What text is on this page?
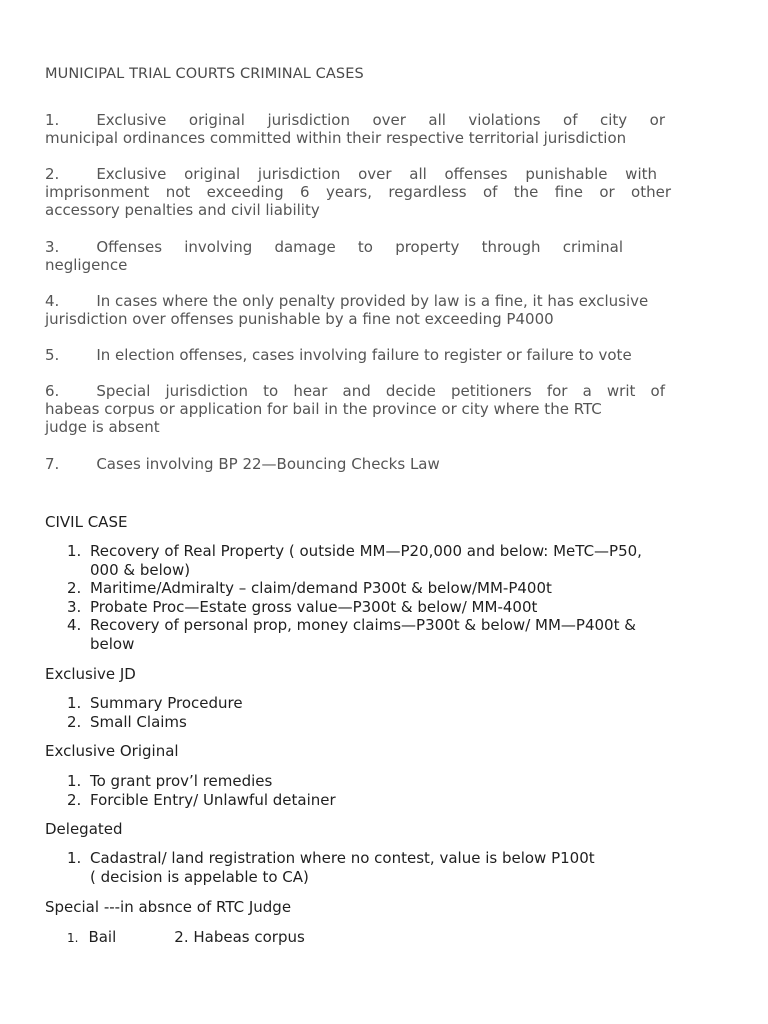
MUNICIPAL TRIAL COURTS CRIMINAL CASES

1. Exclusive original jurisdiction over all violations of city or
municipal ordinances committed within their respective territorial jurisdiction
2. Exclusive original jurisdiction over all offenses punishable with
imprisonment not exceeding 6 years, regardless of the fine or other
accessory penalties and civil liability
3. Offenses involving damage to property through criminal
negligence
4. In cases where the only penalty provided by law is a fine, it has exclusive
jurisdiction over offenses punishable by a fine not exceeding P4000
5. In election offenses, cases involving failure to register or failure to vote
6. Special jurisdiction to hear and decide petitioners for a writ of
habeas corpus or application for bail in the province or city where the RTC
judge is absent
7. Cases involving BP 22—Bouncing Checks Law

CIVIL CASE

1. Recovery of Real Property ( outside MM—P20,000 and below: MeTC—P50,
000 & below)
2. Maritime/Admiralty – claim/demand P300t & below/MM-P400t
3. Probate Proc—Estate gross value—P300t & below/ MM-400t
4. Recovery of personal prop, money claims—P300t & below/ MM—P400t &
below

Exclusive JD

1. Summary Procedure
2. Small Claims

Exclusive Original

1. To grant prov’l remedies
2. Forcible Entry/ Unlawful detainer

Delegated

1. Cadastral/ land registration where no contest, value is below P100t
( decision is appelable to CA)

Special ---in absnce of RTC Judge

1. Bail	2. Habeas corpus
